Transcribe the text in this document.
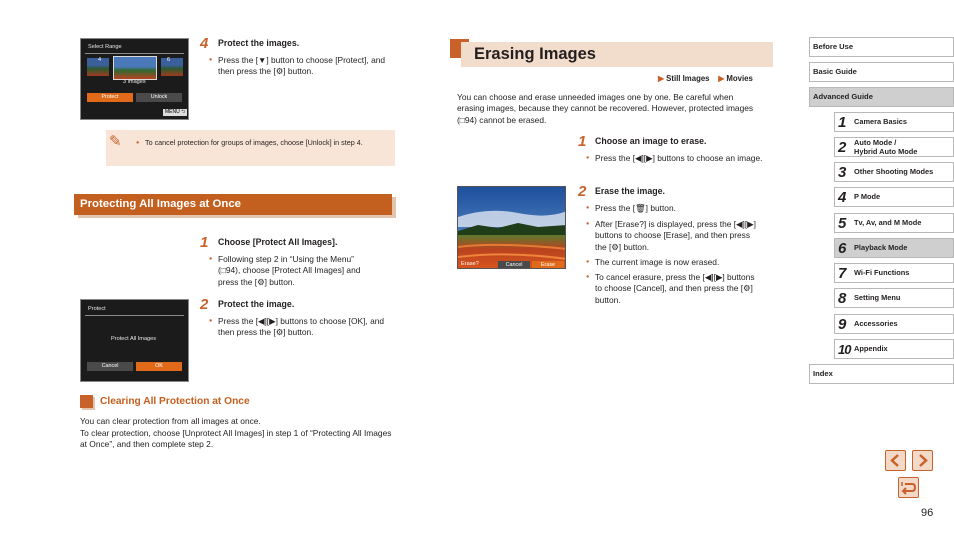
Select Range
4	6
3 images
Protect	Unlock
MENU ⮌
4 Protect the images.
● Press the [▼] button to choose [Protect], and then press the [⚙] button.
✎	● To cancel protection for groups of images, choose [Unlock] in step 4.
Protecting All Images at Once
1 Choose [Protect All Images].
● Following step 2 in “Using the Menu” (□94), choose [Protect All Images] and press the [⚙] button.
Protect
Protect All Images
Cancel	OK
2 Protect the image.
● Press the [◀][▶] buttons to choose [OK], and then press the [⚙] button.
Clearing All Protection at Once
You can clear protection from all images at once.
To clear protection, choose [Unprotect All Images] in step 1 of “Protecting All Images at Once”, and then complete step 2.
Erasing Images
▶ Still Images ▶ Movies
You can choose and erase unneeded images one by one. Be careful when erasing images, because they cannot be recovered. However, protected images (□94) cannot be erased.
1 Choose an image to erase.
● Press the [◀][▶] buttons to choose an image.
Erase?	Cancel	Erase
2 Erase the image.
● Press the [🗑] button.
● After [Erase?] is displayed, press the [◀][▶] buttons to choose [Erase], and then press the [⚙] button.
● The current image is now erased.
● To cancel erasure, press the [◀][▶] buttons to choose [Cancel], and then press the [⚙] button.
Before Use
Basic Guide
Advanced Guide
1 Camera Basics
2 Auto Mode /
Hybrid Auto Mode
3 Other Shooting Modes
4 P Mode
5 Tv, Av, and M Mode
6 Playback Mode
7 Wi-Fi Functions
8 Setting Menu
9 Accessories
10 Appendix
Index
96
